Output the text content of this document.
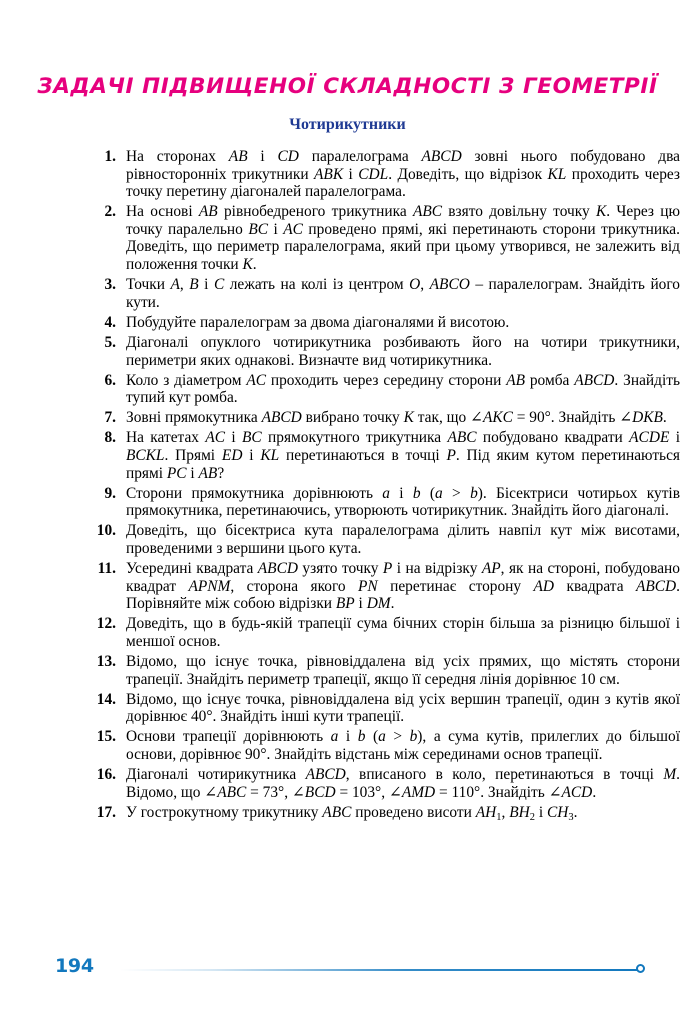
ЗАДАЧІ ПІДВИЩЕНОЇ СКЛАДНОСТІ З ГЕОМЕТРІЇ
Чотирикутники
1. На сторонах AB і CD паралелограма ABCD зовні нього побудовано два рівносторонніх трикутники ABK і CDL. Доведіть, що відрізок KL проходить через точку перетину діагоналей паралелограма.
2. На основі AB рівнобедреного трикутника ABC взято довільну точку K. Через цю точку паралельно BC і AC проведено прямі, які перетинають сторони трикутника. Доведіть, що периметр паралелограма, який при цьому утворився, не залежить від положення точки K.
3. Точки A, B і C лежать на колі із центром O, ABCO – паралелограм. Знайдіть його кути.
4. Побудуйте паралелограм за двома діагоналями й висотою.
5. Діагоналі опуклого чотирикутника розбивають його на чотири трикутники, периметри яких однакові. Визначте вид чотирикутника.
6. Коло з діаметром AC проходить через середину сторони AB ромба ABCD. Знайдіть тупий кут ромба.
7. Зовні прямокутника ABCD вибрано точку K так, що ∠AKC = 90°. Знайдіть ∠DKB.
8. На катетах AC і BC прямокутного трикутника ABC побудовано квадрати ACDE і BCKL. Прямі ED і KL перетинаються в точці P. Під яким кутом перетинаються прямі PC і AB?
9. Сторони прямокутника дорівнюють a і b (a > b). Бісектриси чотирьох кутів прямокутника, перетинаючись, утворюють чотирикутник. Знайдіть його діагоналі.
10. Доведіть, що бісектриса кута паралелограма ділить навпіл кут між висотами, проведеними з вершини цього кута.
11. Усередині квадрата ABCD узято точку P і на відрізку AP, як на стороні, побудовано квадрат APNM, сторона якого PN перетинає сторону AD квадрата ABCD. Порівняйте між собою відрізки BP і DM.
12. Доведіть, що в будь-якій трапеції сума бічних сторін більша за різницю більшої і меншої основ.
13. Відомо, що існує точка, рівновіддалена від усіх прямих, що містять сторони трапеції. Знайдіть периметр трапеції, якщо її середня лінія дорівнює 10 см.
14. Відомо, що існує точка, рівновіддалена від усіх вершин трапеції, один з кутів якої дорівнює 40°. Знайдіть інші кути трапеції.
15. Основи трапеції дорівнюють a і b (a > b), а сума кутів, прилеглих до більшої основи, дорівнює 90°. Знайдіть відстань між серединами основ трапеції.
16. Діагоналі чотирикутника ABCD, вписаного в коло, перетинаються в точці M. Відомо, що ∠ABC = 73°, ∠BCD = 103°, ∠AMD = 110°. Знайдіть ∠ACD.
17. У гострокутному трикутнику ABC проведено висоти $AH_1$, $BH_2$ і $CH_3$.
194
